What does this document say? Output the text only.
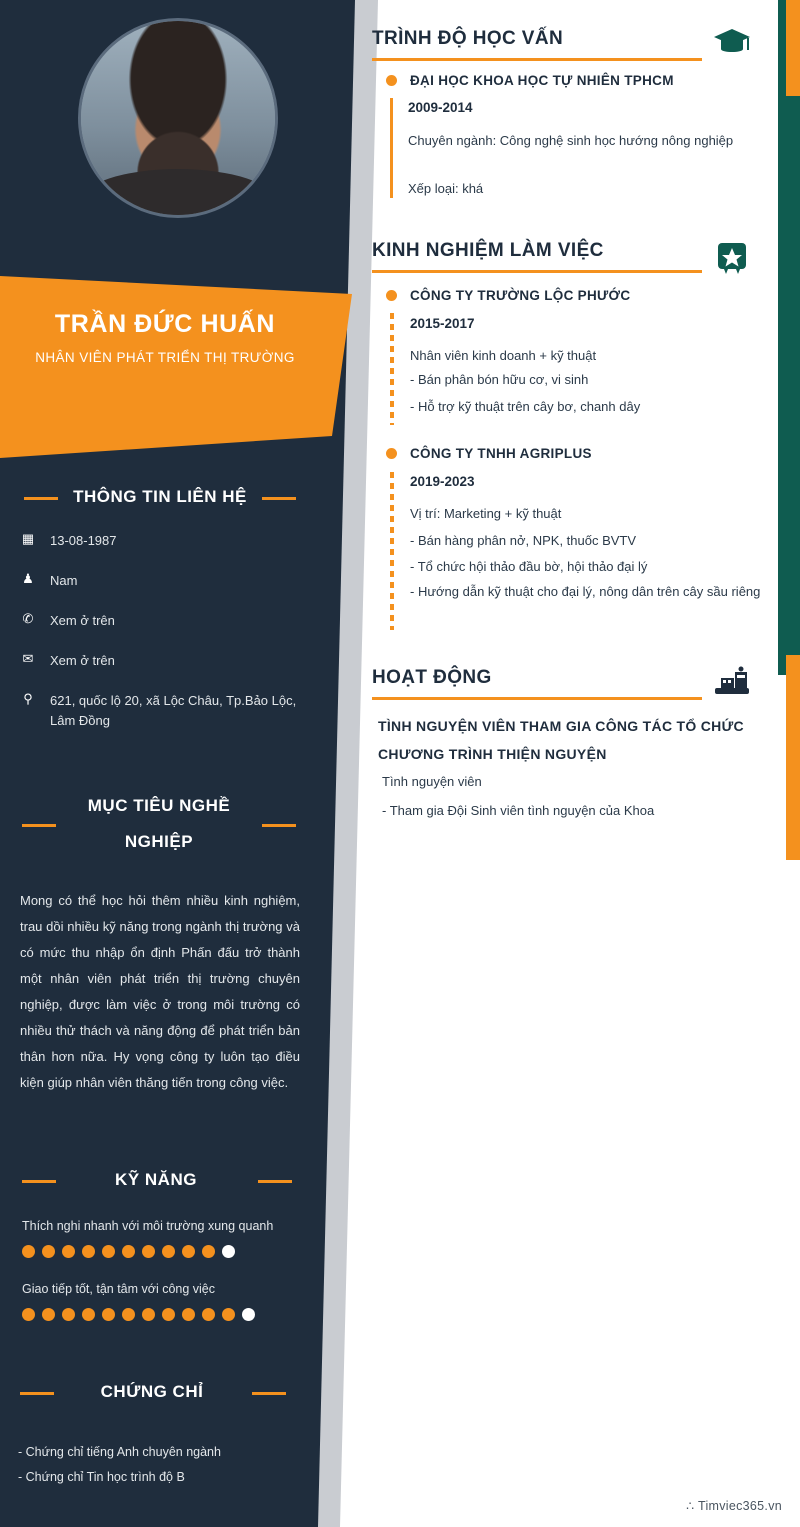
TRẦN ĐỨC HUẤN
NHÂN VIÊN PHÁT TRIỂN THỊ TRƯỜNG
THÔNG TIN LIÊN HỆ
▦ 13-08-1987
♟ Nam
✆ Xem ở trên
✉ Xem ở trên
⚲ 621, quốc lộ 20, xã Lộc Châu, Tp.Bảo Lộc, Lâm Đồng
MỤC TIÊU NGHỀ
NGHIỆP
Mong có thể học hỏi thêm nhiều kinh nghiệm, trau dồi nhiều kỹ năng trong ngành thị trường và có mức thu nhập ổn định Phấn đấu trở thành một nhân viên phát triển thị trường chuyên nghiệp, được làm việc ở trong môi trường có nhiều thử thách và năng động để phát triển bản thân hơn nữa. Hy vọng công ty luôn tạo điều kiện giúp nhân viên thăng tiến trong công việc.
KỸ NĂNG
Thích nghi nhanh với môi trường xung quanh
Giao tiếp tốt, tận tâm với công việc
CHỨNG CHỈ
- Chứng chỉ tiếng Anh chuyên ngành
- Chứng chỉ Tin học trình độ B
TRÌNH ĐỘ HỌC VẤN
ĐẠI HỌC KHOA HỌC TỰ NHIÊN TPHCM
2009-2014
Chuyên ngành: Công nghệ sinh học hướng nông nghiệp
Xếp loại: khá
KINH NGHIỆM LÀM VIỆC
CÔNG TY TRƯỜNG LỘC PHƯỚC
2015-2017
Nhân viên kinh doanh + kỹ thuật
- Bán phân bón hữu cơ, vi sinh
- Hỗ trợ kỹ thuật trên cây bơ, chanh dây
CÔNG TY TNHH AGRIPLUS
2019-2023
Vị trí: Marketing + kỹ thuật
- Bán hàng phân nở, NPK, thuốc BVTV
- Tổ chức hội thảo đầu bờ, hội thảo đại lý
- Hướng dẫn kỹ thuật cho đại lý, nông dân trên cây sầu riêng
HOẠT ĐỘNG
TÌNH NGUYỆN VIÊN THAM GIA CÔNG TÁC TỔ CHỨC
CHƯƠNG TRÌNH THIỆN NGUYỆN
Tình nguyện viên
- Tham gia Đội Sinh viên tình nguyện của Khoa
∴ Timviec365.vn
